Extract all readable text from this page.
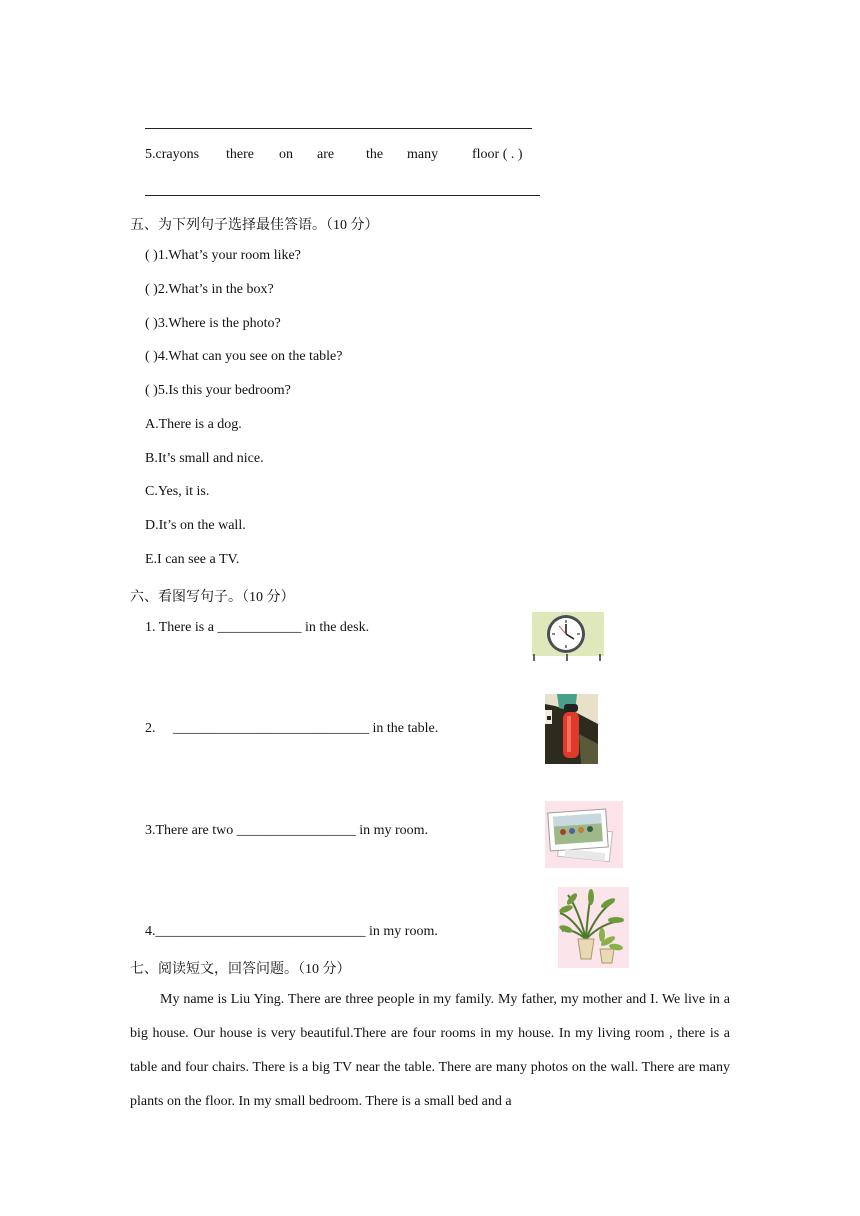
5.crayons there on are the many floor ( . )
五、为下列句子选择最佳答语。（10 分）
( )1.What’s your room like?
( )2.What’s in the box?
( )3.Where is the photo?
( )4.What can you see on the table?
( )5.Is this your bedroom?
A.There is a dog.
B.It’s small and nice.
C.Yes, it is.
D.It’s on the wall.
E.I can see a TV.
六、看图写句子。（10 分）
1. There is a ____________ in the desk.
2.     ____________________________ in the table.
3.There are two _________________ in my room.
4.______________________________ in my room.
七、阅读短文，回答问题。（10 分）
My name is Liu Ying. There are three people in my family. My father, my mother and I. We live in a big house. Our house is very beautiful.There are four rooms in my house. In my living room , there is a table and four chairs. There is a big TV near the table. There are many photos on the wall. There are many plants on the floor. In my small bedroom. There is a small bed and a
